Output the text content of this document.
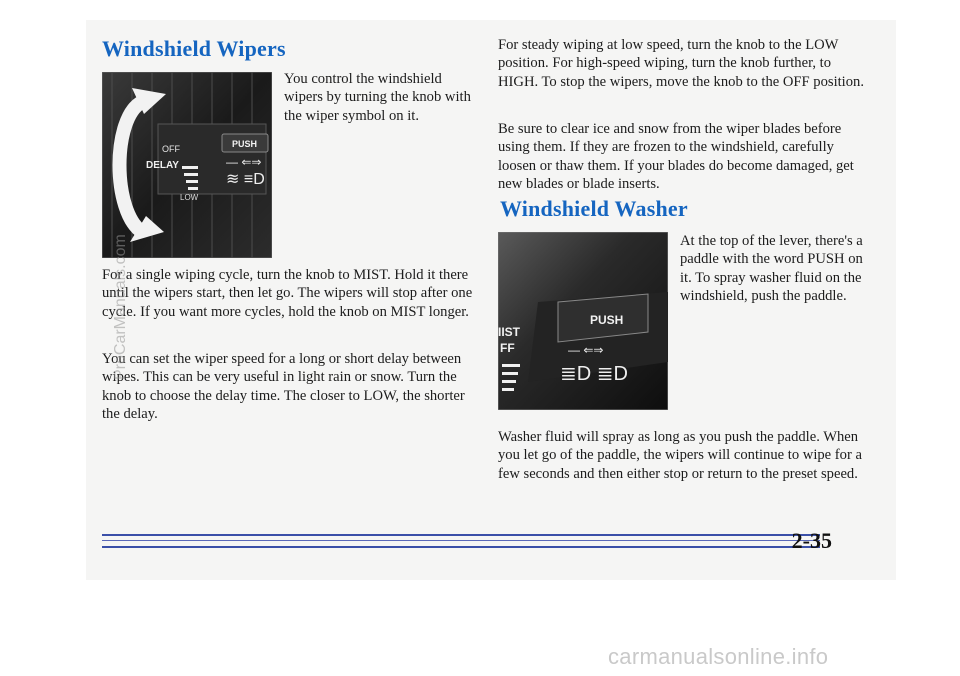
Windshield Wipers
OFF
DELAY
LOW
PUSH
≋ ≡D
— ⇐⇒

You control the windshield wipers by turning the knob with the wiper symbol on it.

For a single wiping cycle, turn the knob to MIST. Hold it there until the wipers start, then let go. The wipers will stop after one cycle. If you want more cycles, hold the knob on MIST longer.

You can set the wiper speed for a long or short delay between wipes. This can be very useful in light rain or snow. Turn the knob to choose the delay time. The closer to LOW, the shorter the delay.

For steady wiping at low speed, turn the knob to the LOW position. For high-speed wiping, turn the knob further, to HIGH. To stop the wipers, move the knob to the OFF position.

Be sure to clear ice and snow from the wiper blades before using them. If they are frozen to the windshield, carefully loosen or thaw them. If your blades do become damaged, get new blades or blade inserts.

Windshield Washer
IIST
FF
PUSH
≣D ≣D
— ⇐⇒

At the top of the lever, there's a paddle with the word PUSH on it. To spray washer fluid on the windshield, push the paddle.

Washer fluid will spray as long as you push the paddle. When you let go of the paddle, the wipers will continue to wipe for a few seconds and then either stop or return to the preset speed.

2-35
ProCarManuals.com
carmanualsonline.info
